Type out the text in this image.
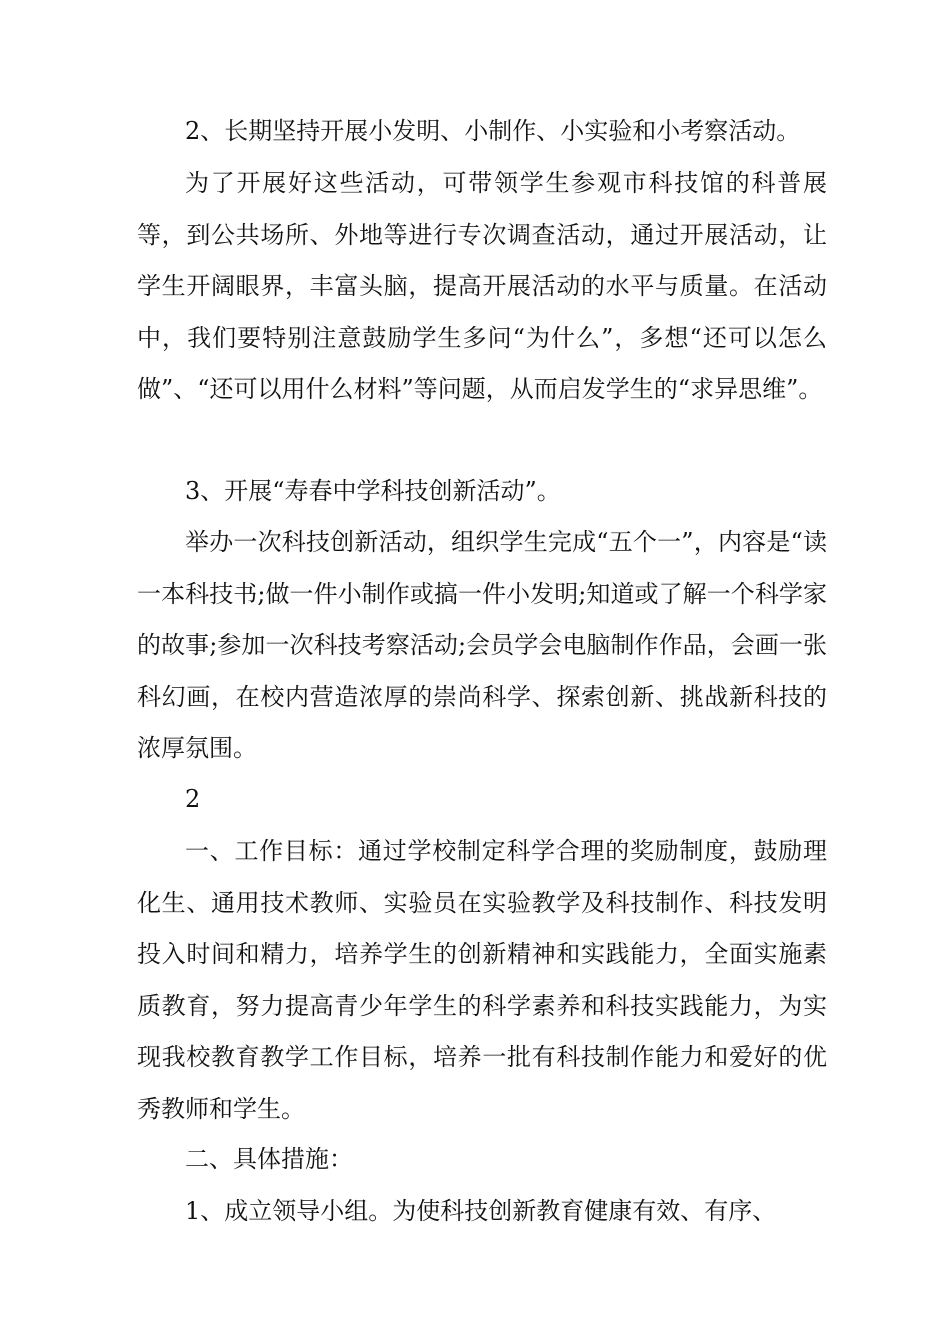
2、长期坚持开展小发明、小制作、小实验和小考察活动。

为了开展好这些活动，可带领学生参观市科技馆的科普展等，到公共场所、外地等进行专次调查活动，通过开展活动，让学生开阔眼界，丰富头脑，提高开展活动的水平与质量。在活动中，我们要特别注意鼓励学生多问“为什么”，多想“还可以怎么做”、“还可以用什么材料”等问题，从而启发学生的“求异思维”。

3、开展“寿春中学科技创新活动”。

举办一次科技创新活动，组织学生完成“五个一”，内容是“读一本科技书;做一件小制作或搞一件小发明;知道或了解一个科学家的故事;参加一次科技考察活动;会员学会电脑制作作品，会画一张科幻画，在校内营造浓厚的崇尚科学、探索创新、挑战新科技的浓厚氛围。

2

一、工作目标：通过学校制定科学合理的奖励制度，鼓励理化生、通用技术教师、实验员在实验教学及科技制作、科技发明投入时间和精力，培养学生的创新精神和实践能力，全面实施素质教育，努力提高青少年学生的科学素养和科技实践能力，为实现我校教育教学工作目标，培养一批有科技制作能力和爱好的优秀教师和学生。

二、具体措施：

1、成立领导小组。为使科技创新教育健康有效、有序、
